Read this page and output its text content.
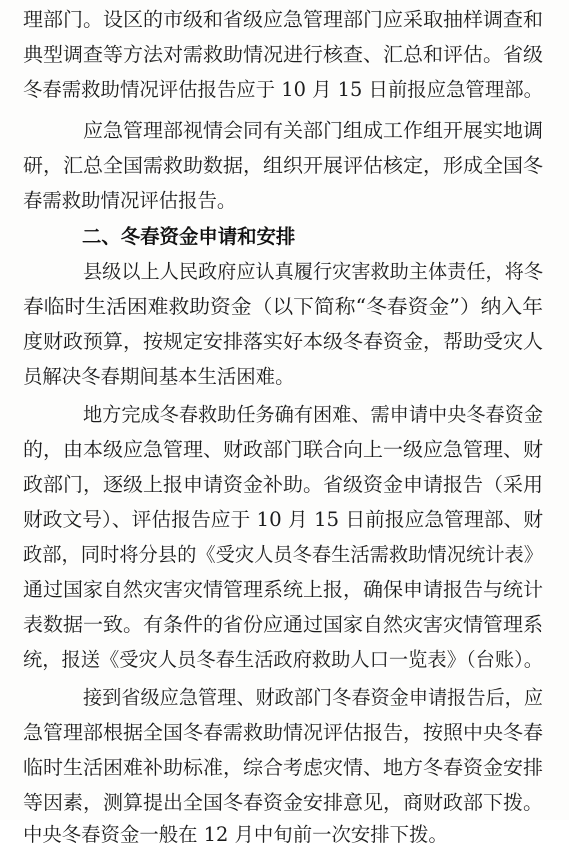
理部门。设区的市级和省级应急管理部门应采取抽样调查和
典型调查等方法对需救助情况进行核查、汇总和评估。省级
冬春需救助情况评估报告应于 10 月 15 日前报应急管理部。
应急管理部视情会同有关部门组成工作组开展实地调
研，汇总全国需救助数据，组织开展评估核定，形成全国冬
春需救助情况评估报告。
二、冬春资金申请和安排
县级以上人民政府应认真履行灾害救助主体责任，将冬
春临时生活困难救助资金（以下简称“冬春资金”）纳入年
度财政预算，按规定安排落实好本级冬春资金，帮助受灾人
员解决冬春期间基本生活困难。
地方完成冬春救助任务确有困难、需申请中央冬春资金
的，由本级应急管理、财政部门联合向上一级应急管理、财
政部门，逐级上报申请资金补助。省级资金申请报告（采用
财政文号）、评估报告应于 10 月 15 日前报应急管理部、财
政部，同时将分县的《受灾人员冬春生活需救助情况统计表》
通过国家自然灾害灾情管理系统上报，确保申请报告与统计
表数据一致。有条件的省份应通过国家自然灾害灾情管理系
统，报送《受灾人员冬春生活政府救助人口一览表》（台账）。
接到省级应急管理、财政部门冬春资金申请报告后，应
急管理部根据全国冬春需救助情况评估报告，按照中央冬春
临时生活困难补助标准，综合考虑灾情、地方冬春资金安排
等因素，测算提出全国冬春资金安排意见，商财政部下拨。
中央冬春资金一般在 12 月中旬前一次安排下拨。
